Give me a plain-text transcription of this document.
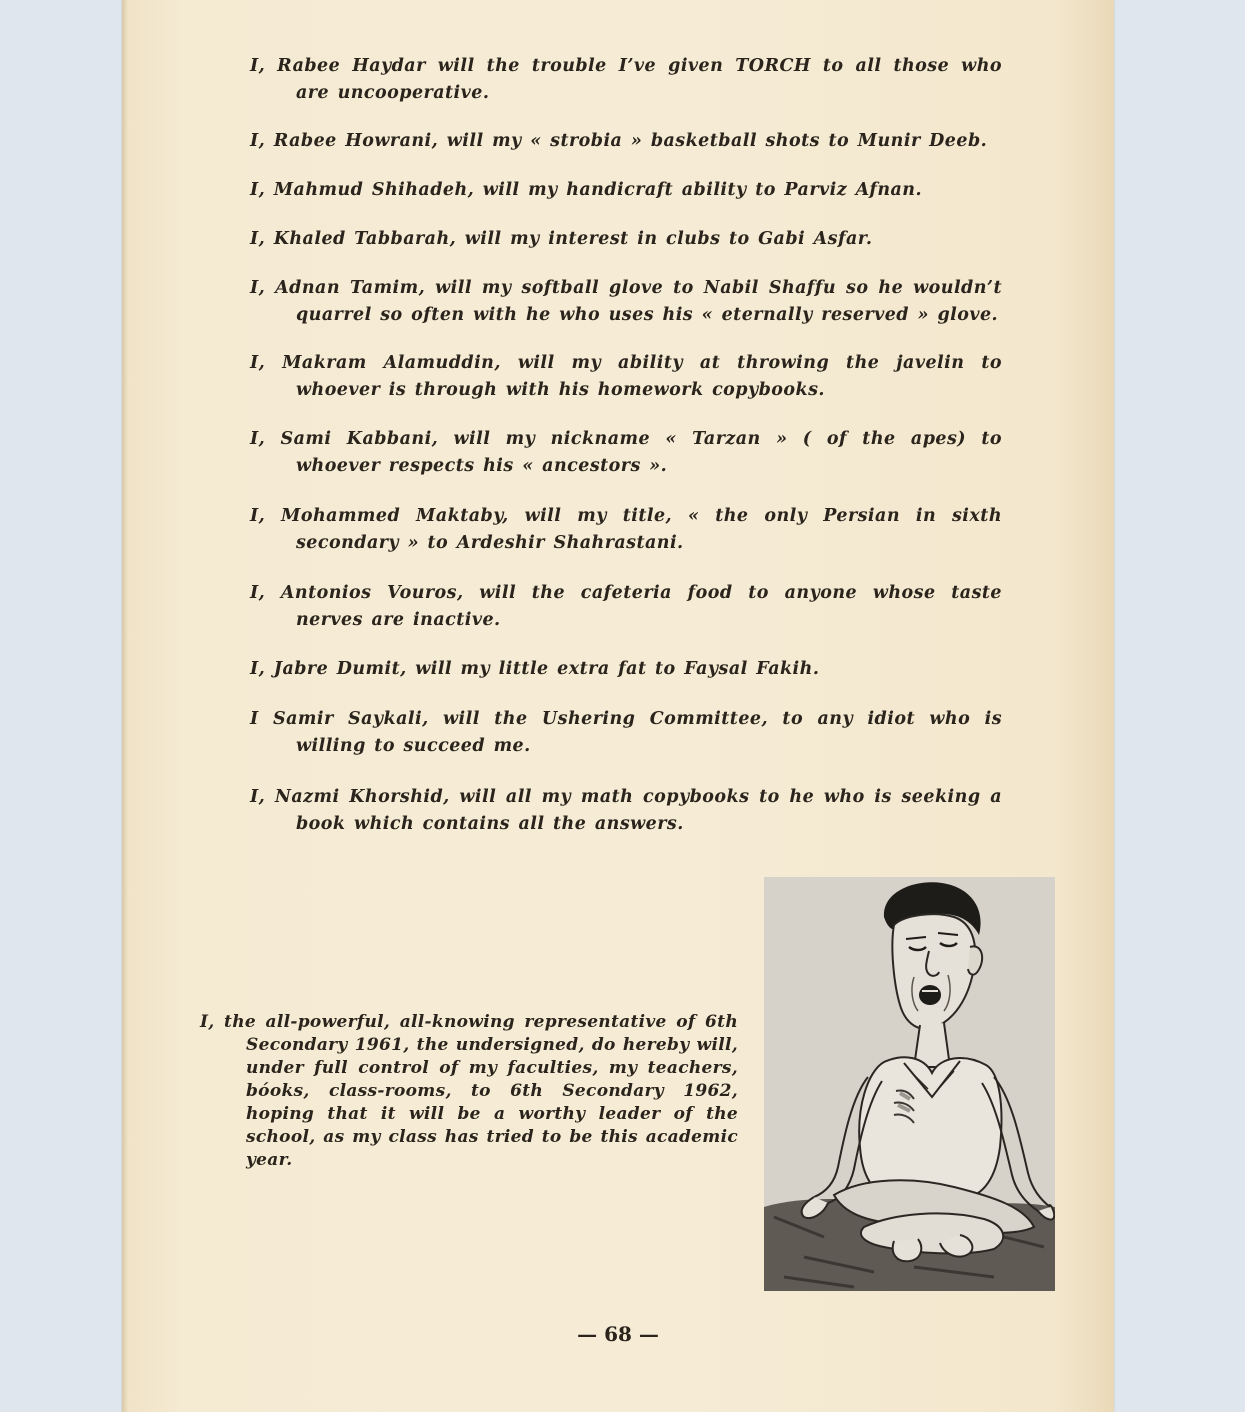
I, Rabee Haydar will the trouble I’ve given TORCH to all those who are uncooperative.

I, Rabee Howrani, will my « strobia » basketball shots to Munir Deeb.

I, Mahmud Shihadeh, will my handicraft ability to Parviz Afnan.

I, Khaled Tabbarah, will my interest in clubs to Gabi Asfar.

I, Adnan Tamim, will my softball glove to Nabil Shaffu so he wouldn’t quarrel so often with he who uses his « eternally reserved » glove.

I, Makram Alamuddin, will my ability at throwing the javelin to whoever is through with his homework copybooks.

I, Sami Kabbani, will my nickname « Tarzan » ( of the apes) to whoever respects his « ancestors ».

I, Mohammed Maktaby, will my title, « the only Persian in sixth secondary » to Ardeshir Shahrastani.

I, Antonios Vouros, will the cafeteria food to anyone whose taste nerves are inactive.

I, Jabre Dumit, will my little extra fat to Faysal Fakih.

I Samir Saykali, will the Ushering Committee, to any idiot who is willing to succeed me.

I, Nazmi Khorshid, will all my math copybooks to he who is seeking a book which contains all the answers.

I, the all-powerful, all-knowing representative of 6th Secondary 1961, the undersigned, do hereby will, under full control of my faculties, my teachers, bóoks, class-rooms, to 6th Secondary 1962, hoping that it will be a worthy leader of the school, as my class has tried to be this academic year.

— 68 —
